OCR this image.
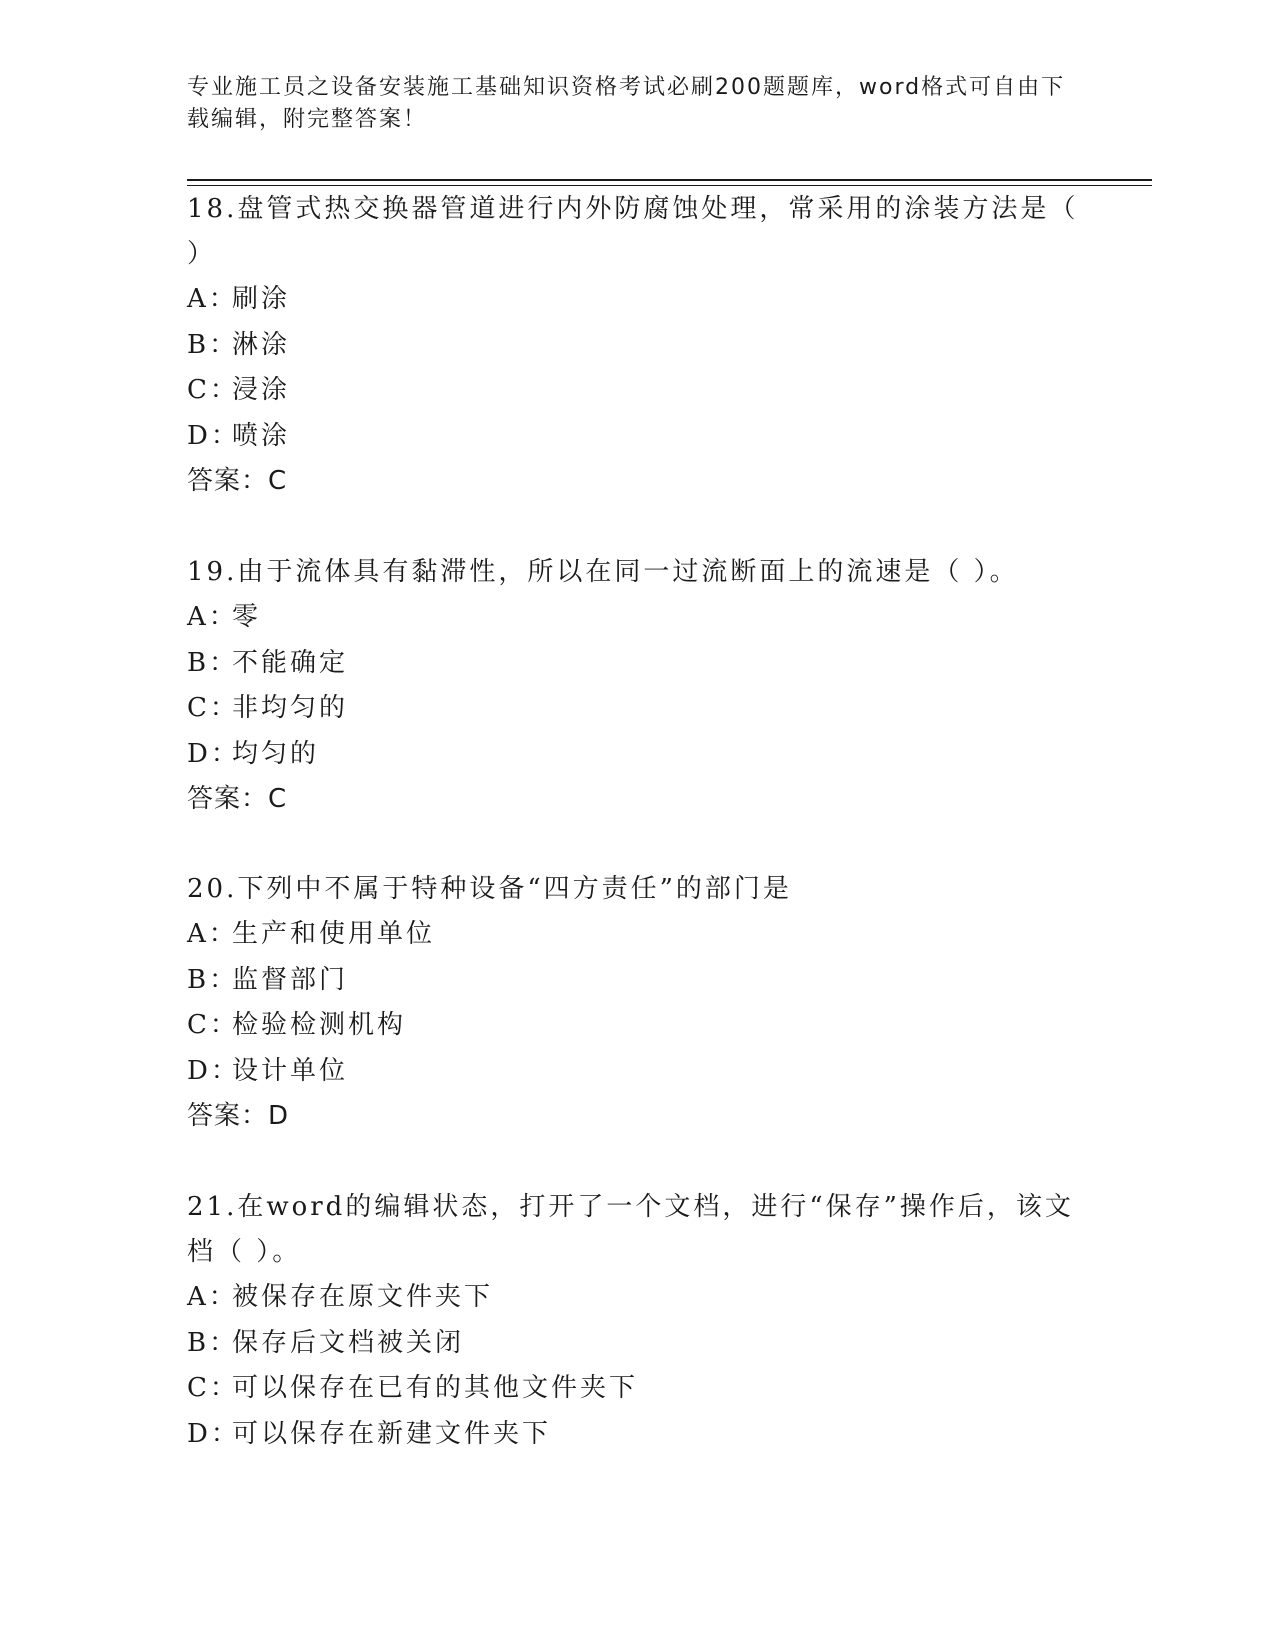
专业施工员之设备安装施工基础知识资格考试必刷200题题库，word格式可自由下载编辑，附完整答案！

18.盘管式热交换器管道进行内外防腐蚀处理，常采用的涂装方法是（ ）

A：刷涂
B：淋涂
C：浸涂
D：喷涂
答案：C

19.由于流体具有黏滞性，所以在同一过流断面上的流速是（ ）。

A：零
B：不能确定
C：非均匀的
D：均匀的
答案：C

20.下列中不属于特种设备“四方责任”的部门是

A：生产和使用单位
B：监督部门
C：检验检测机构
D：设计单位
答案：D

21.在word的编辑状态，打开了一个文档，进行“保存”操作后，该文档（ ）。

A：被保存在原文件夹下
B：保存后文档被关闭
C：可以保存在已有的其他文件夹下
D：可以保存在新建文件夹下
